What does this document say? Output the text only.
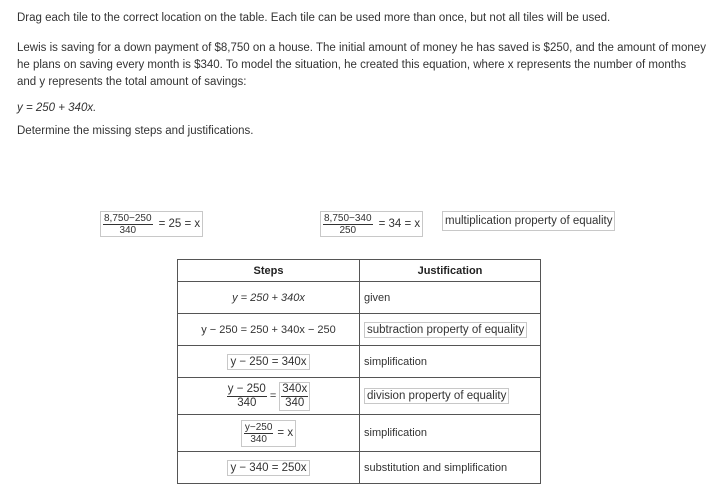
Drag each tile to the correct location on the table. Each tile can be used more than once, but not all tiles will be used.

Lewis is saving for a down payment of $8,750 on a house. The initial amount of money he has saved is $250, and the amount of money he plans on saving every month is $340. To model the situation, he created this equation, where x represents the number of months and y represents the total amount of savings:

y = 250 + 340x.

Determine the missing steps and justifications.

$\frac{8,750-250}{340} = 25 = x$	$\frac{8,750-340}{250} = 34 = x$ multiplication property of equality
Steps	Justification
y = 250 + 340x	given
y − 250 = 250 + 340x − 250	subtraction property of equality
y − 250 = 340x	simplification

$\frac{y - 250}{340} = \frac{340x}{340}$	division property of equality

$\frac{y-250}{340} = x$	simplification
y − 340 = 250x	substitution and simplification
